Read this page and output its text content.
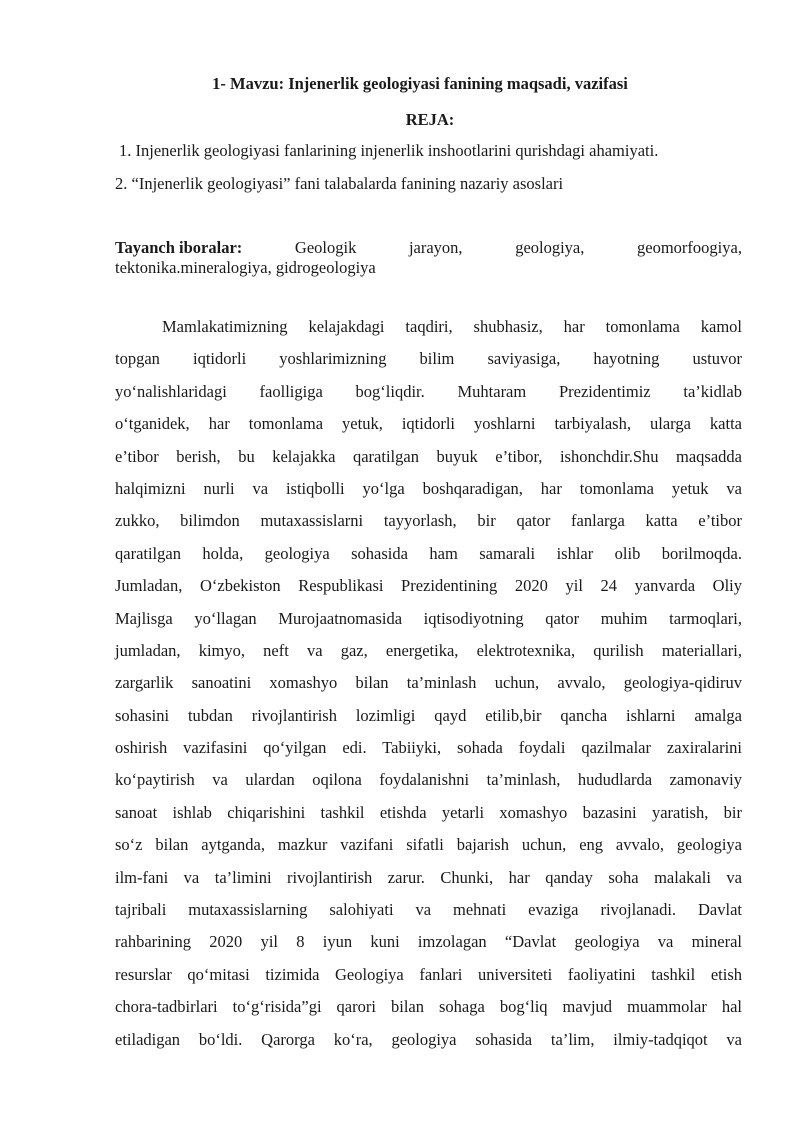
1- Mavzu: Injenerlik geologiyasi fanining maqsadi, vazifasi
REJA:
1. Injenerlik geologiyasi fanlarining injenerlik inshootlarini qurishdagi ahamiyati.
2. “Injenerlik geologiyasi” fani talabalarda fanining nazariy asoslari
Tayanch iboralar:	Geologik	jarayon,	geologiya,	geomorfoogiya,
tektonika.mineralogiya, gidrogeologiya

Mamlakatimizning kelajakdagi taqdiri, shubhasiz, har tomonlama kamol
topgan iqtidorli yoshlarimizning bilim saviyasiga, hayotning ustuvor
yo‘nalishlaridagi faolligiga bog‘liqdir. Muhtaram Prezidentimiz ta’kidlab
o‘tganidek, har tomonlama yetuk, iqtidorli yoshlarni tarbiyalash, ularga katta
e’tibor berish, bu kelajakka qaratilgan buyuk e’tibor, ishonchdir.Shu maqsadda
halqimizni nurli va istiqbolli yo‘lga boshqaradigan, har tomonlama yetuk va
zukko, bilimdon mutaxassislarni tayyorlash, bir qator fanlarga katta e’tibor
qaratilgan holda, geologiya sohasida ham samarali ishlar olib borilmoqda.
Jumladan, O‘zbekiston Respublikasi Prezidentining 2020 yil 24 yanvarda Oliy
Majlisga yo‘llagan Murojaatnomasida iqtisodiyotning qator muhim tarmoqlari,
jumladan, kimyo, neft va gaz, energetika, elektrotexnika, qurilish materiallari,
zargarlik sanoatini xomashyo bilan ta’minlash uchun, avvalo, geologiya-qidiruv
sohasini tubdan rivojlantirish lozimligi qayd etilib,bir qancha ishlarni amalga
oshirish vazifasini qo‘yilgan edi. Tabiiyki, sohada foydali qazilmalar zaxiralarini
ko‘paytirish va ulardan oqilona foydalanishni ta’minlash, hududlarda zamonaviy
sanoat ishlab chiqarishini tashkil etishda yetarli xomashyo bazasini yaratish, bir
so‘z bilan aytganda, mazkur vazifani sifatli bajarish uchun, eng avvalo, geologiya
ilm-fani va ta’limini rivojlantirish zarur. Chunki, har qanday soha malakali va
tajribali mutaxassislarning salohiyati va mehnati evaziga rivojlanadi. Davlat
rahbarining 2020 yil 8 iyun kuni imzolagan “Davlat geologiya va mineral
resurslar qo‘mitasi tizimida Geologiya fanlari universiteti faoliyatini tashkil etish
chora-tadbirlari to‘g‘risida”gi qarori bilan sohaga bog‘liq mavjud muammolar hal
etiladigan bo‘ldi. Qarorga ko‘ra, geologiya sohasida ta’lim, ilmiy-tadqiqot va
